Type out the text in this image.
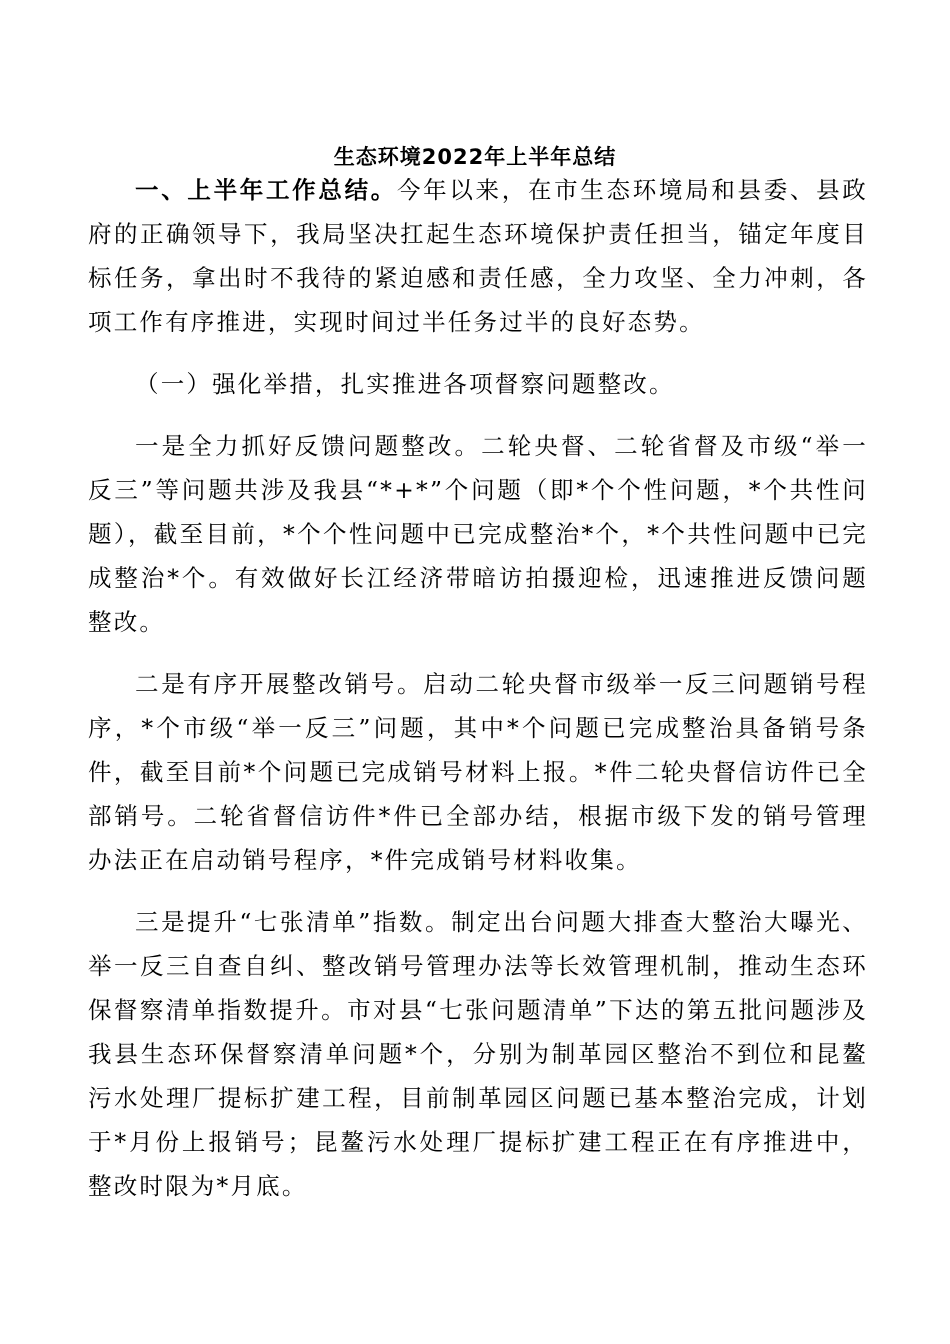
生态环境2022年上半年总结

一、上半年工作总结。今年以来，在市生态环境局和县委、县政府的正确领导下，我局坚决扛起生态环境保护责任担当，锚定年度目标任务，拿出时不我待的紧迫感和责任感，全力攻坚、全力冲刺，各项工作有序推进，实现时间过半任务过半的良好态势。

（一）强化举措，扎实推进各项督察问题整改。

一是全力抓好反馈问题整改。二轮央督、二轮省督及市级“举一反三”等问题共涉及我县“*+*”个问题（即*个个性问题，*个共性问题），截至目前，*个个性问题中已完成整治*个，*个共性问题中已完成整治*个。有效做好长江经济带暗访拍摄迎检，迅速推进反馈问题整改。

二是有序开展整改销号。启动二轮央督市级举一反三问题销号程序，*个市级“举一反三”问题，其中*个问题已完成整治具备销号条件，截至目前*个问题已完成销号材料上报。*件二轮央督信访件已全部销号。二轮省督信访件*件已全部办结，根据市级下发的销号管理办法正在启动销号程序，*件完成销号材料收集。

三是提升“七张清单”指数。制定出台问题大排查大整治大曝光、举一反三自查自纠、整改销号管理办法等长效管理机制，推动生态环保督察清单指数提升。市对县“七张问题清单”下达的第五批问题涉及我县生态环保督察清单问题*个，分别为制革园区整治不到位和昆鳌污水处理厂提标扩建工程，目前制革园区问题已基本整治完成，计划于*月份上报销号；昆鳌污水处理厂提标扩建工程正在有序推进中，整改时限为*月底。
